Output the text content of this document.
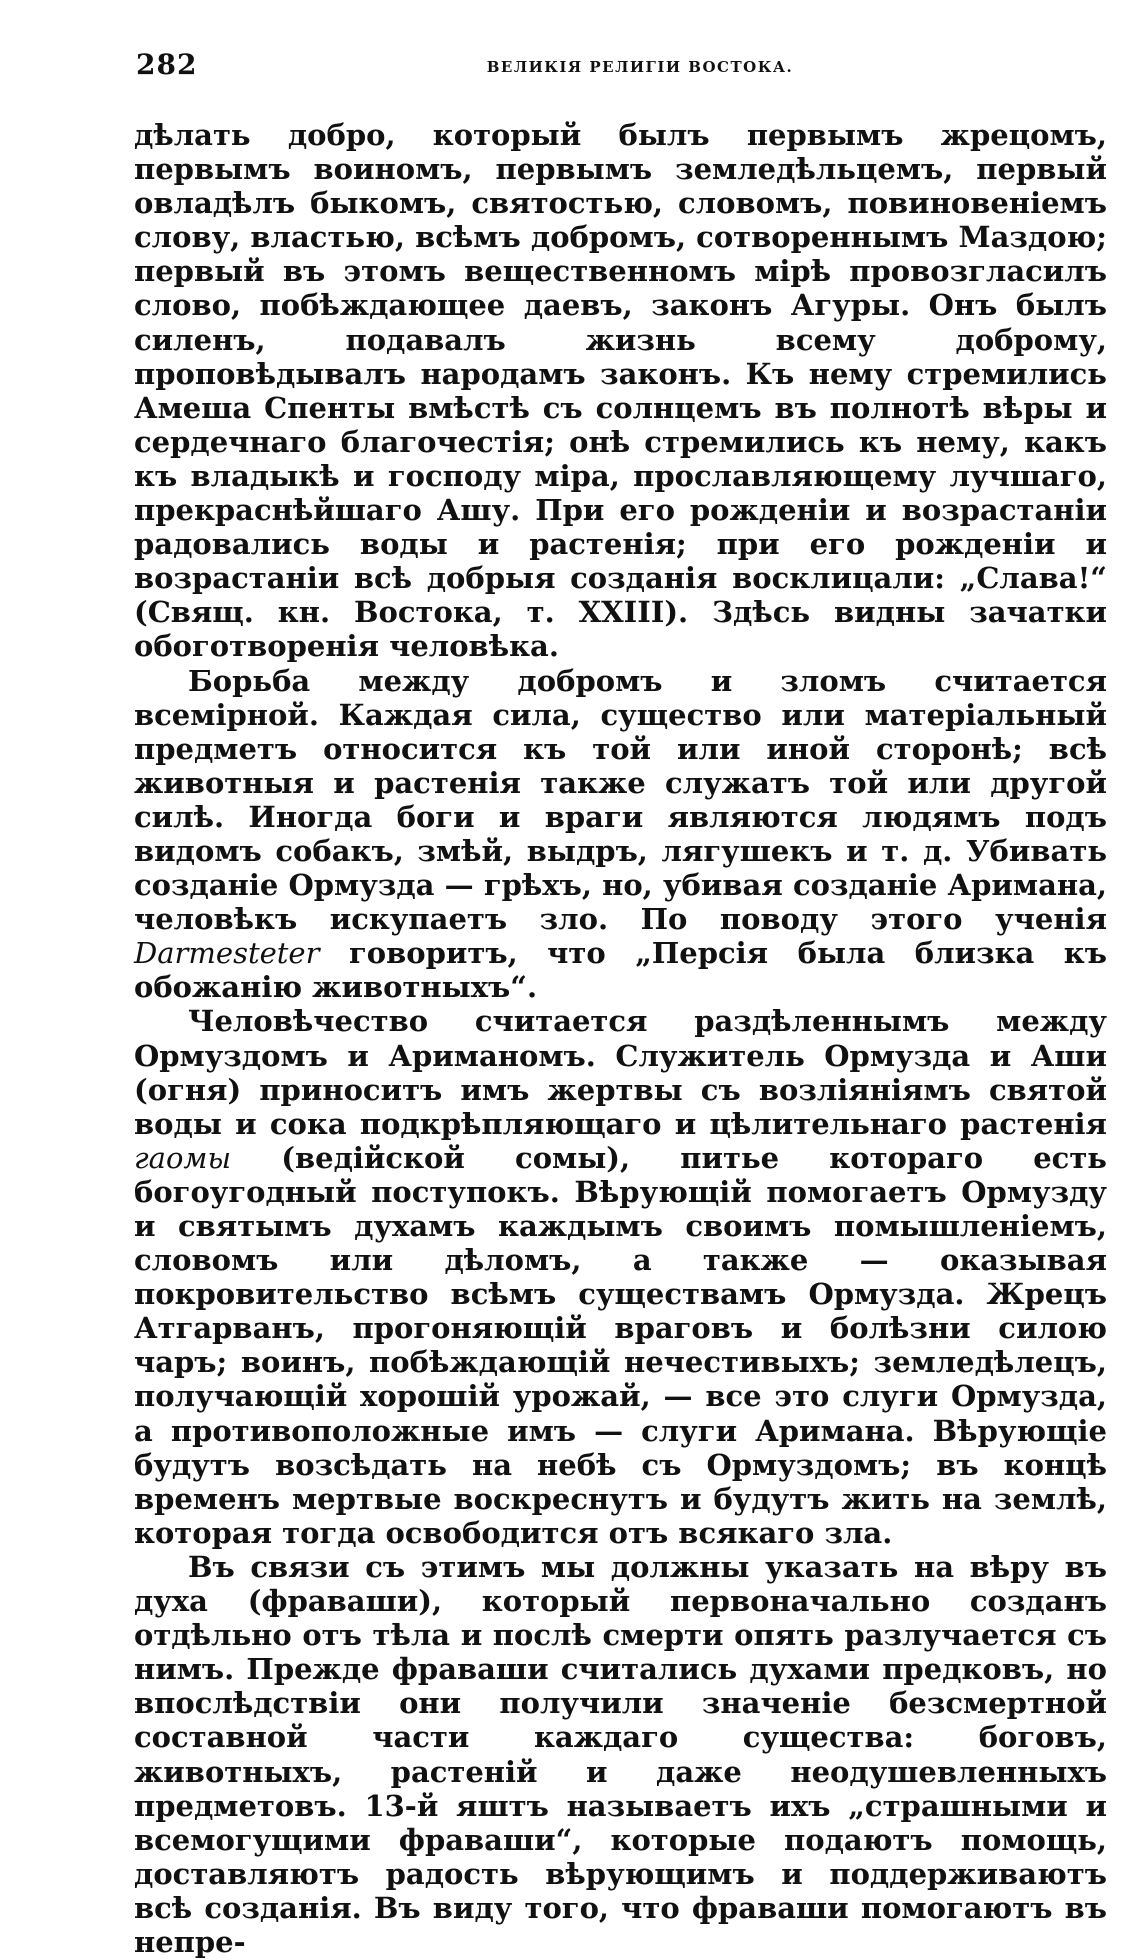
282	ВЕЛИКІЯ РЕЛИГІИ ВОСТОКА.

дѣлать добро, который былъ первымъ жрецомъ, первымъ воиномъ, первымъ земледѣльцемъ, первый овладѣлъ быкомъ, святостью, словомъ, повиновеніемъ слову, властью, всѣмъ добромъ, сотвореннымъ Маздою; первый въ этомъ вещественномъ мірѣ провозгласилъ слово, побѣждающее даевъ, законъ Агуры. Онъ былъ силенъ, подавалъ жизнь всему доброму, проповѣдывалъ народамъ законъ. Къ нему стремились Амеша Спенты вмѣстѣ съ солнцемъ въ полнотѣ вѣры и сердечнаго благочестія; онѣ стремились къ нему, какъ къ владыкѣ и господу міра, прославляющему лучшаго, прекраснѣйшаго Ашу. При его рожденіи и возрастаніи радовались воды и растенія; при его рожденіи и возрастаніи всѣ добрыя созданія восклицали: „Слава!“ (Свящ. кн. Востока, т. XXIII). Здѣсь видны зачатки обоготворенія человѣка.

Борьба между добромъ и зломъ считается всемірной. Каждая сила, существо или матеріальный предметъ относится къ той или иной сторонѣ; всѣ животныя и растенія также служатъ той или другой силѣ. Иногда боги и враги являются людямъ подъ видомъ собакъ, змѣй, выдръ, лягушекъ и т. д. Убивать созданіе Ормузда — грѣхъ, но, убивая созданіе Аримана, человѣкъ искупаетъ зло. По поводу этого ученія Darmesteter говоритъ, что „Персія была близка къ обожанію животныхъ“.

Человѣчество считается раздѣленнымъ между Ормуздомъ и Ариманомъ. Служитель Ормузда и Аши (огня) приноситъ имъ жертвы съ возліяніямъ святой воды и сока подкрѣпляющаго и цѣлительнаго растенія гаомы (ведійской сомы), питье котораго есть богоугодный поступокъ. Вѣрующій помогаетъ Ормузду и святымъ духамъ каждымъ своимъ помышленіемъ, словомъ или дѣломъ, а также — оказывая покровительство всѣмъ существамъ Ормузда. Жрецъ Атгарванъ, прогоняющій враговъ и болѣзни силою чаръ; воинъ, побѣждающій нечестивыхъ; земледѣлецъ, получающій хорошій урожай, — все это слуги Ормузда, а противоположные имъ — слуги Аримана. Вѣрующіе будутъ возсѣдать на небѣ съ Ормуздомъ; въ концѣ временъ мертвые воскреснутъ и будутъ жить на землѣ, которая тогда освободится отъ всякаго зла.

Въ связи съ этимъ мы должны указать на вѣру въ духа (фраваши), который первоначально созданъ отдѣльно отъ тѣла и послѣ смерти опять разлучается съ нимъ. Прежде фраваши считались духами предковъ, но впослѣдствіи они получили значеніе безсмертной составной части каждаго существа: боговъ, животныхъ, растеній и даже неодушевленныхъ предметовъ. 13-й яштъ называетъ ихъ „страшными и всемогущими фраваши“, которые подаютъ помощь, доставляютъ радость вѣрующимъ и поддерживаютъ всѣ созданія. Въ виду того, что фраваши помогаютъ въ непре-
